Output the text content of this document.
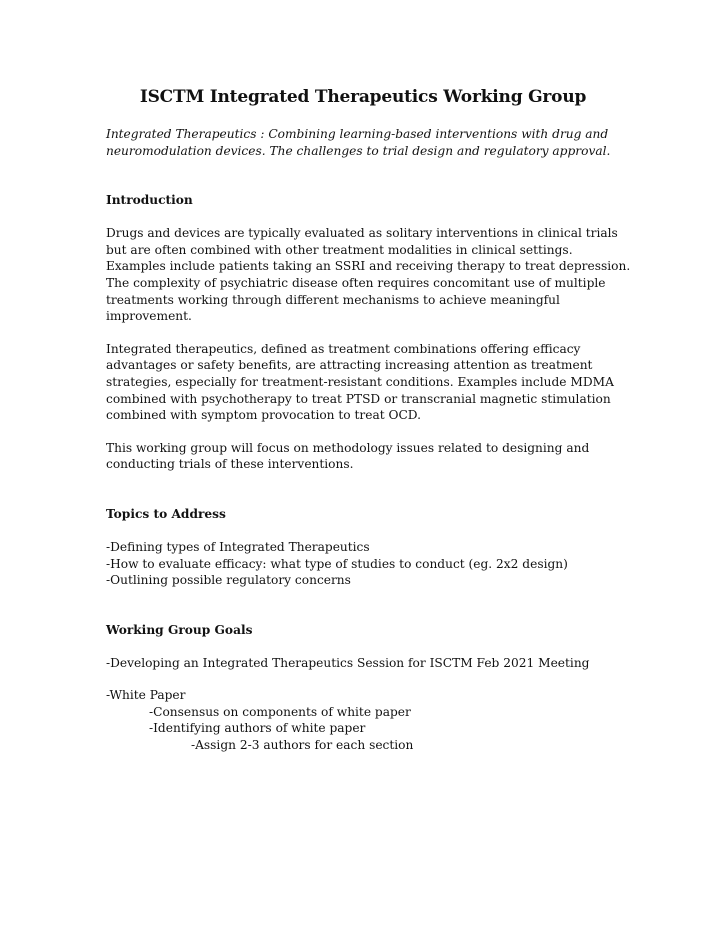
ISCTM Integrated Therapeutics Working Group
Integrated Therapeutics : Combining learning-based interventions with drug and
neuromodulation devices. The challenges to trial design and regulatory approval.
Introduction
Drugs and devices are typically evaluated as solitary interventions in clinical trials
but are often combined with other treatment modalities in clinical settings.
Examples include patients taking an SSRI and receiving therapy to treat depression.
The complexity of psychiatric disease often requires concomitant use of multiple
treatments working through different mechanisms to achieve meaningful
improvement.
Integrated therapeutics, defined as treatment combinations offering efficacy
advantages or safety benefits, are attracting increasing attention as treatment
strategies, especially for treatment-resistant conditions. Examples include MDMA
combined with psychotherapy to treat PTSD or transcranial magnetic stimulation
combined with symptom provocation to treat OCD.
This working group will focus on methodology issues related to designing and
conducting trials of these interventions.
Topics to Address
-Defining types of Integrated Therapeutics
-How to evaluate efficacy: what type of studies to conduct (eg. 2x2 design)
-Outlining possible regulatory concerns
Working Group Goals
-Developing an Integrated Therapeutics Session for ISCTM Feb 2021 Meeting
-White Paper
-Consensus on components of white paper
-Identifying authors of white paper
-Assign 2-3 authors for each section
